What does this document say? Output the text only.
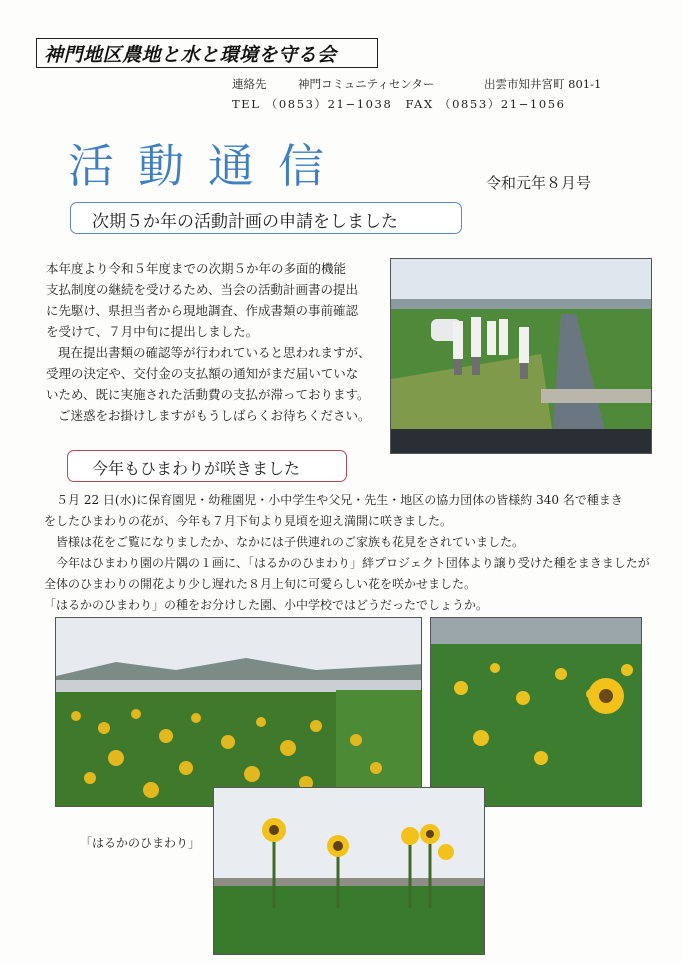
神門地区農地と水と環境を守る会
連絡先	神門コミュニティセンター	出雲市知井宮町 801-1
TEL （0853）21−1038　FAX （0853）21−1056
活動通信	令和元年８月号
次期５か年の活動計画の申請をしました
本年度より令和５年度までの次期５か年の多面的機能
支払制度の継続を受けるため、当会の活動計画書の提出
に先駆け、県担当者から現地調査、作成書類の事前確認
を受けて、７月中旬に提出しました。
現在提出書類の確認等が行われていると思われますが、
受理の決定や、交付金の支払額の通知がまだ届いていな
いため、既に実施された活動費の支払が滞っております。
ご迷惑をお掛けしますがもうしばらくお待ちください。
今年もひまわりが咲きました
５月 22 日(水)に保育園児・幼稚園児・小中学生や父兄・先生・地区の協力団体の皆様約 340 名で種まき
をしたひまわりの花が、今年も７月下旬より見頃を迎え満開に咲きました。
皆様は花をご覧になりましたか、なかには子供連れのご家族も花見をされていました。
今年はひまわり園の片隅の１画に、「はるかのひまわり」絆プロジェクト団体より譲り受けた種をまきましたが
全体のひまわりの開花より少し遅れた８月上旬に可愛らしい花を咲かせました。
「はるかのひまわり」の種をお分けした園、小中学校ではどうだったでしょうか。
「はるかのひまわり」
